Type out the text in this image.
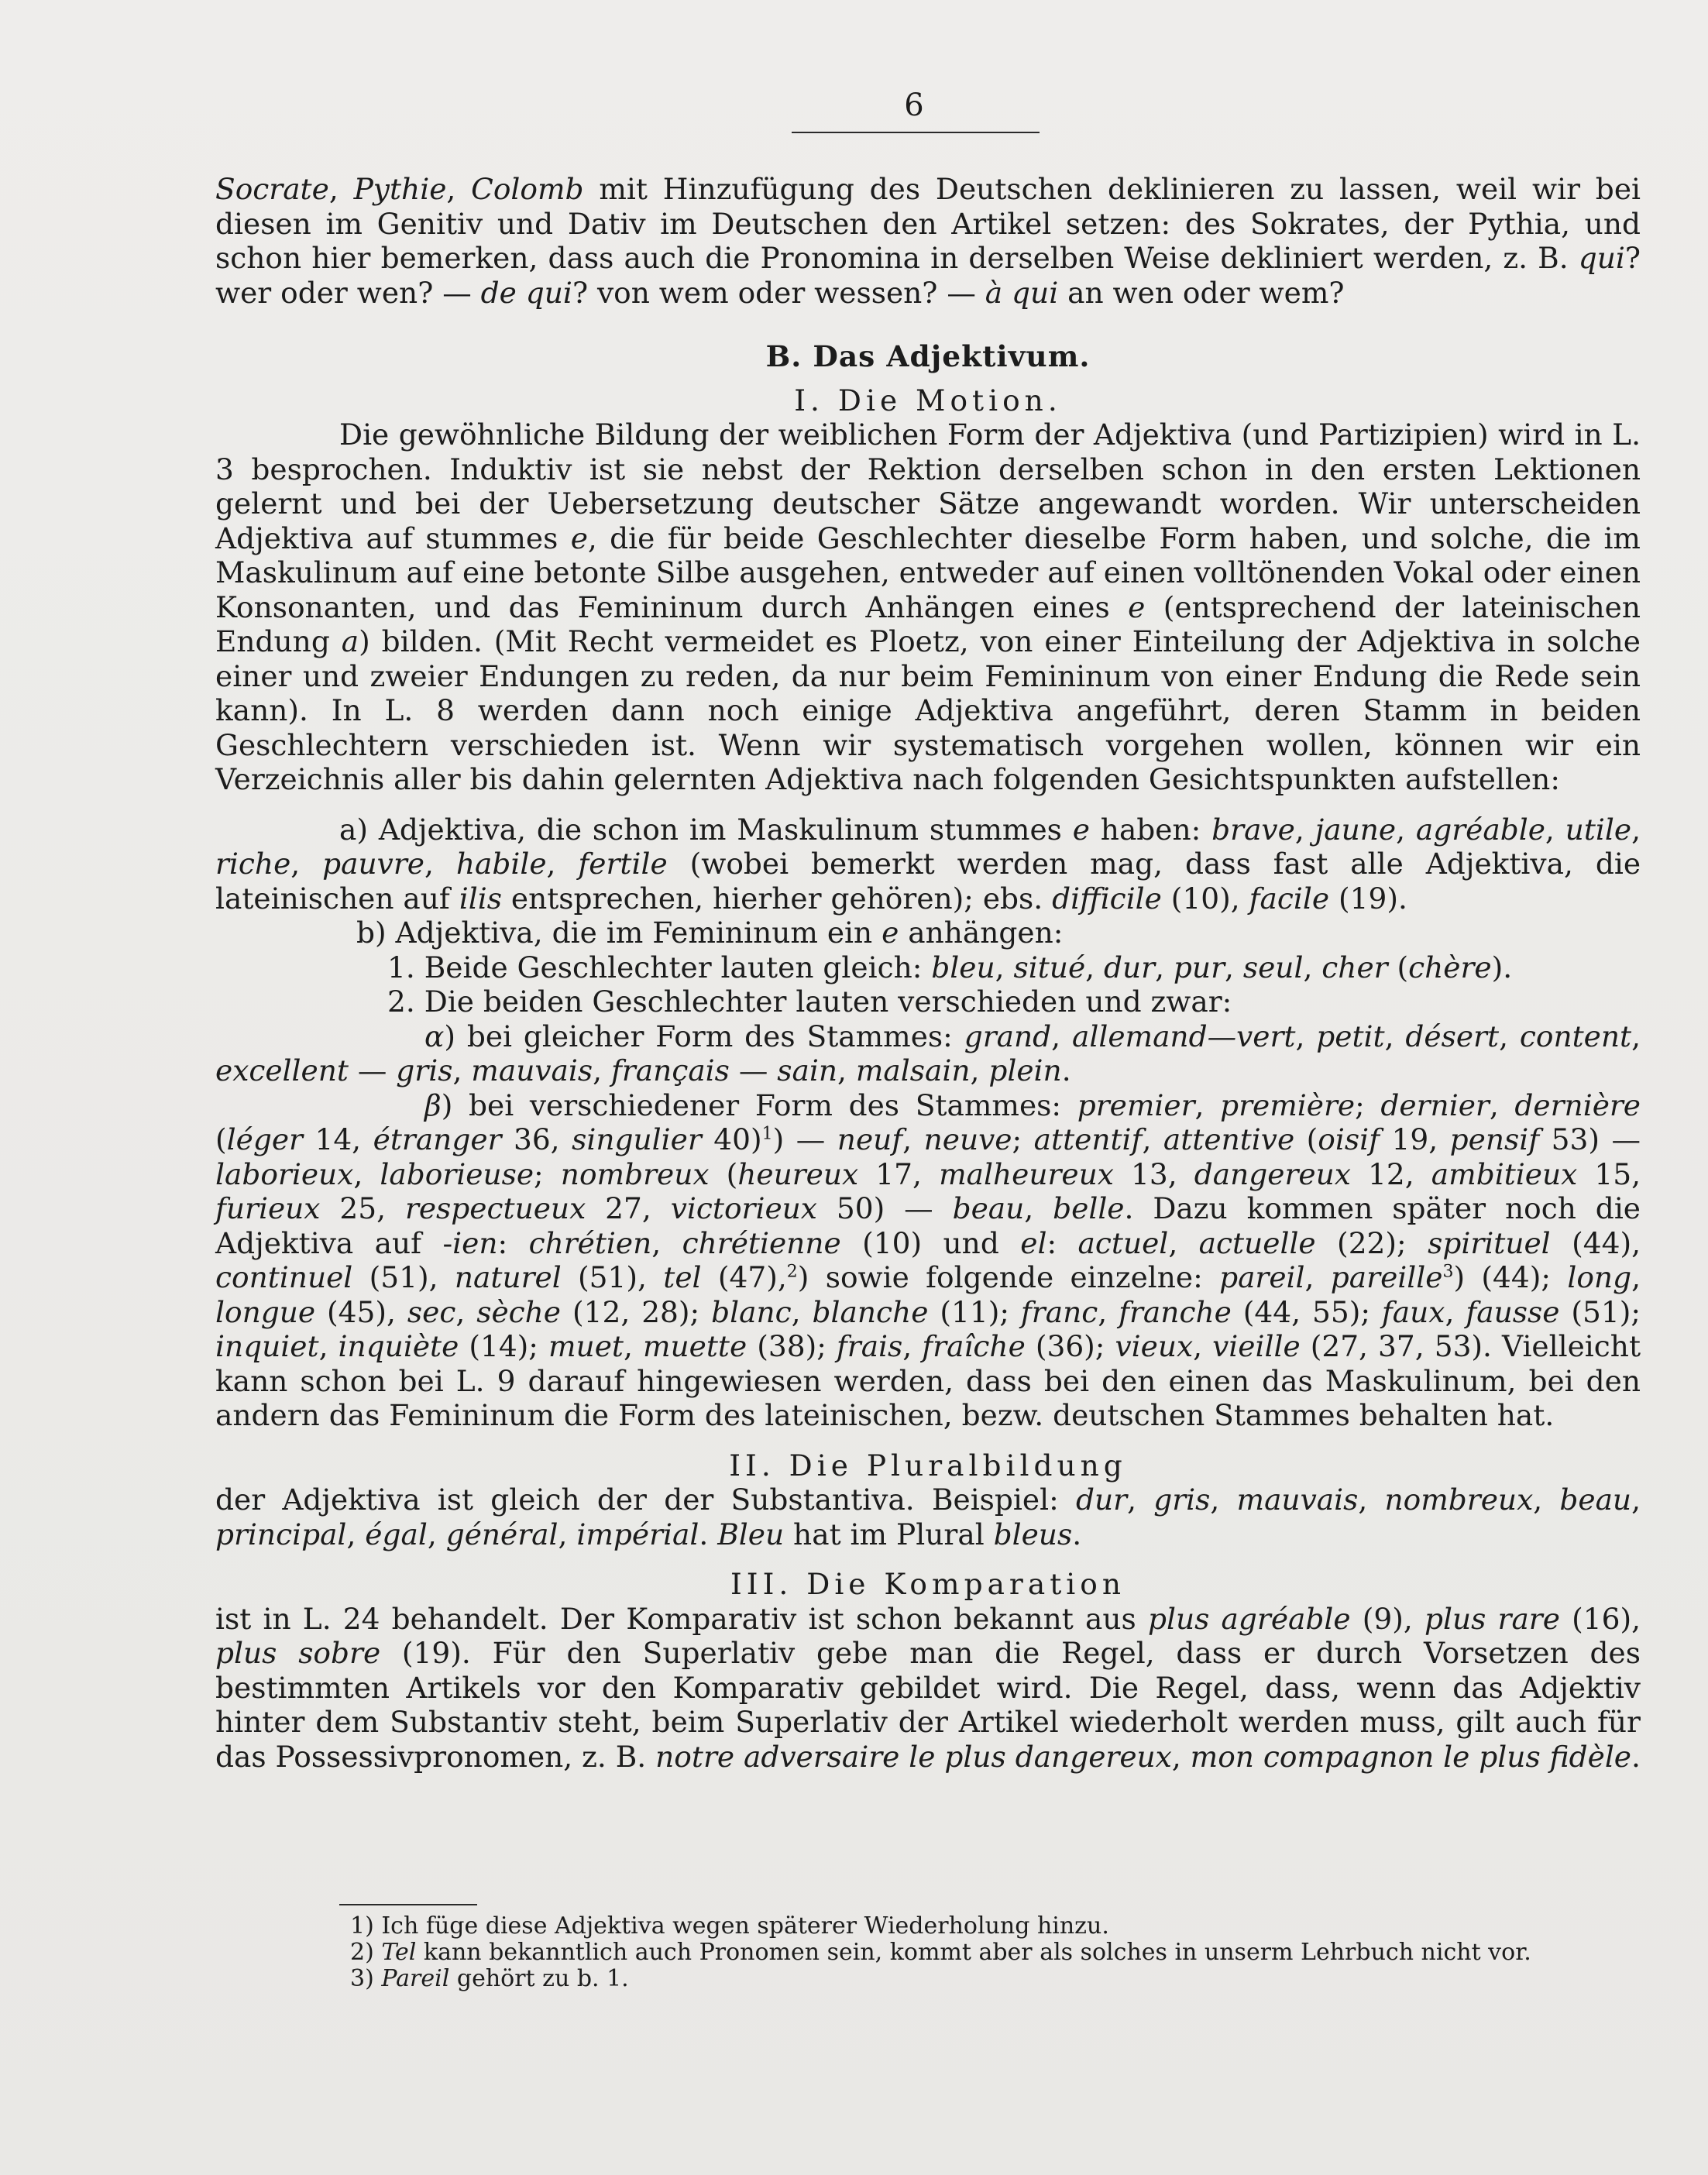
6

Socrate, Pythie, Colomb mit Hinzufügung des Deutschen deklinieren zu lassen, weil wir bei diesen im Genitiv und Dativ im Deutschen den Artikel setzen: des Sokrates, der Pythia, und schon hier bemerken, dass auch die Pronomina in derselben Weise dekliniert werden, z. B. qui? wer oder wen? — de qui? von wem oder wessen? — à qui an wen oder wem?

B. Das Adjektivum.

I. Die Motion.

Die gewöhnliche Bildung der weiblichen Form der Adjektiva (und Partizipien) wird in L. 3 besprochen. Induktiv ist sie nebst der Rektion derselben schon in den ersten Lektionen gelernt und bei der Uebersetzung deutscher Sätze angewandt worden. Wir unterscheiden Adjektiva auf stummes e, die für beide Geschlechter dieselbe Form haben, und solche, die im Maskulinum auf eine betonte Silbe ausgehen, entweder auf einen volltönenden Vokal oder einen Konsonanten, und das Femininum durch Anhängen eines e (entsprechend der lateinischen Endung a) bilden. (Mit Recht vermeidet es Ploetz, von einer Einteilung der Adjektiva in solche einer und zweier Endungen zu reden, da nur beim Femininum von einer Endung die Rede sein kann). In L. 8 werden dann noch einige Adjektiva angeführt, deren Stamm in beiden Geschlechtern verschieden ist. Wenn wir systematisch vorgehen wollen, können wir ein Verzeichnis aller bis dahin gelernten Adjektiva nach folgenden Gesichtspunkten aufstellen:

a) Adjektiva, die schon im Maskulinum stummes e haben: brave, jaune, agréable, utile, riche, pauvre, habile, fertile (wobei bemerkt werden mag, dass fast alle Adjektiva, die lateinischen auf ilis entsprechen, hierher gehören); ebs. difficile (10), facile (19).

b) Adjektiva, die im Femininum ein e anhängen:

1. Beide Geschlechter lauten gleich: bleu, situé, dur, pur, seul, cher (chère).

2. Die beiden Geschlechter lauten verschieden und zwar:

α) bei gleicher Form des Stammes: grand, allemand—vert, petit, désert, content, excellent — gris, mauvais, français — sain, malsain, plein.

β) bei verschiedener Form des Stammes: premier, première; dernier, dernière (léger 14, étranger 36, singulier 40)$^1$) — neuf, neuve; attentif, attentive (oisif 19, pensif 53) — laborieux, laborieuse; nombreux (heureux 17, malheureux 13, dangereux 12, ambitieux 15, furieux 25, respectueux 27, victorieux 50) — beau, belle. Dazu kommen später noch die Adjektiva auf -ien: chrétien, chrétienne (10) und el: actuel, actuelle (22); spirituel (44), continuel (51), naturel (51), tel (47),$^2$) sowie folgende einzelne: pareil, pareille$^3$) (44); long, longue (45), sec, sèche (12, 28); blanc, blanche (11); franc, franche (44, 55); faux, fausse (51); inquiet, inquiète (14); muet, muette (38); frais, fraîche (36); vieux, vieille (27, 37, 53). Vielleicht kann schon bei L. 9 darauf hingewiesen werden, dass bei den einen das Maskulinum, bei den andern das Femininum die Form des lateinischen, bezw. deutschen Stammes behalten hat.

II. Die Pluralbildung

der Adjektiva ist gleich der der Substantiva. Beispiel: dur, gris, mauvais, nombreux, beau, principal, égal, général, impérial. Bleu hat im Plural bleus.

III. Die Komparation

ist in L. 24 behandelt. Der Komparativ ist schon bekannt aus plus agréable (9), plus rare (16), plus sobre (19). Für den Superlativ gebe man die Regel, dass er durch Vorsetzen des bestimmten Artikels vor den Komparativ gebildet wird. Die Regel, dass, wenn das Adjektiv hinter dem Substantiv steht, beim Superlativ der Artikel wiederholt werden muss, gilt auch für das Possessivpronomen, z. B. notre adversaire le plus dangereux, mon compagnon le plus fidèle.

1) Ich füge diese Adjektiva wegen späterer Wiederholung hinzu.

2) Tel kann bekanntlich auch Pronomen sein, kommt aber als solches in unserm Lehrbuch nicht vor.

3) Pareil gehört zu b. 1.
